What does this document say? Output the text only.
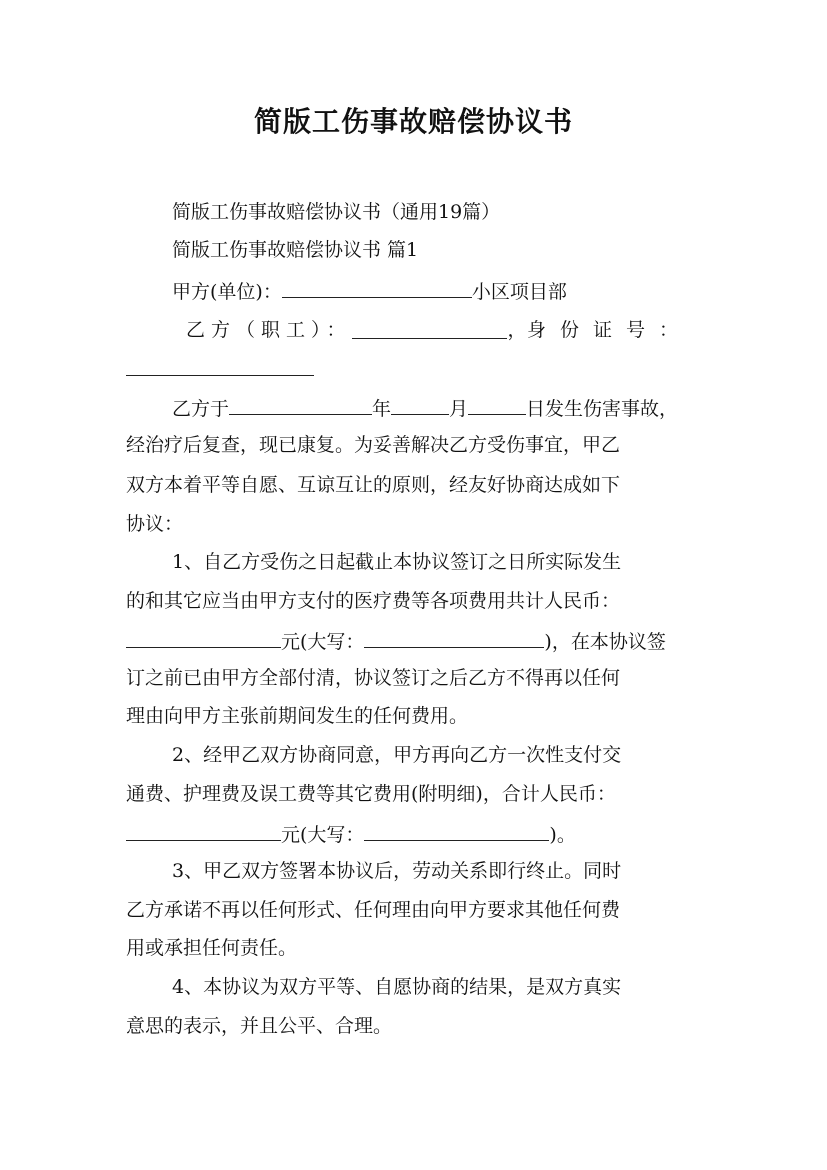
简版工伤事故赔偿协议书
简版工伤事故赔偿协议书（通用19篇）
简版工伤事故赔偿协议书 篇1
甲方(单位)：	小区项目部
乙方（职工）：	， 身份证号：
乙方于	年	月	日发生伤害事故，
经治疗后复查，现已康复。为妥善解决乙方受伤事宜，甲乙
双方本着平等自愿、互谅互让的原则，经友好协商达成如下
协议：
1、自乙方受伤之日起截止本协议签订之日所实际发生
的和其它应当由甲方支付的医疗费等各项费用共计人民币：
元(大写：	)，在本协议签
订之前已由甲方全部付清，协议签订之后乙方不得再以任何
理由向甲方主张前期间发生的任何费用。
2、经甲乙双方协商同意，甲方再向乙方一次性支付交
通费、护理费及误工费等其它费用(附明细)，合计人民币：
元(大写：	)。
3、甲乙双方签署本协议后，劳动关系即行终止。同时
乙方承诺不再以任何形式、任何理由向甲方要求其他任何费
用或承担任何责任。
4、本协议为双方平等、自愿协商的结果，是双方真实
意思的表示，并且公平、合理。
